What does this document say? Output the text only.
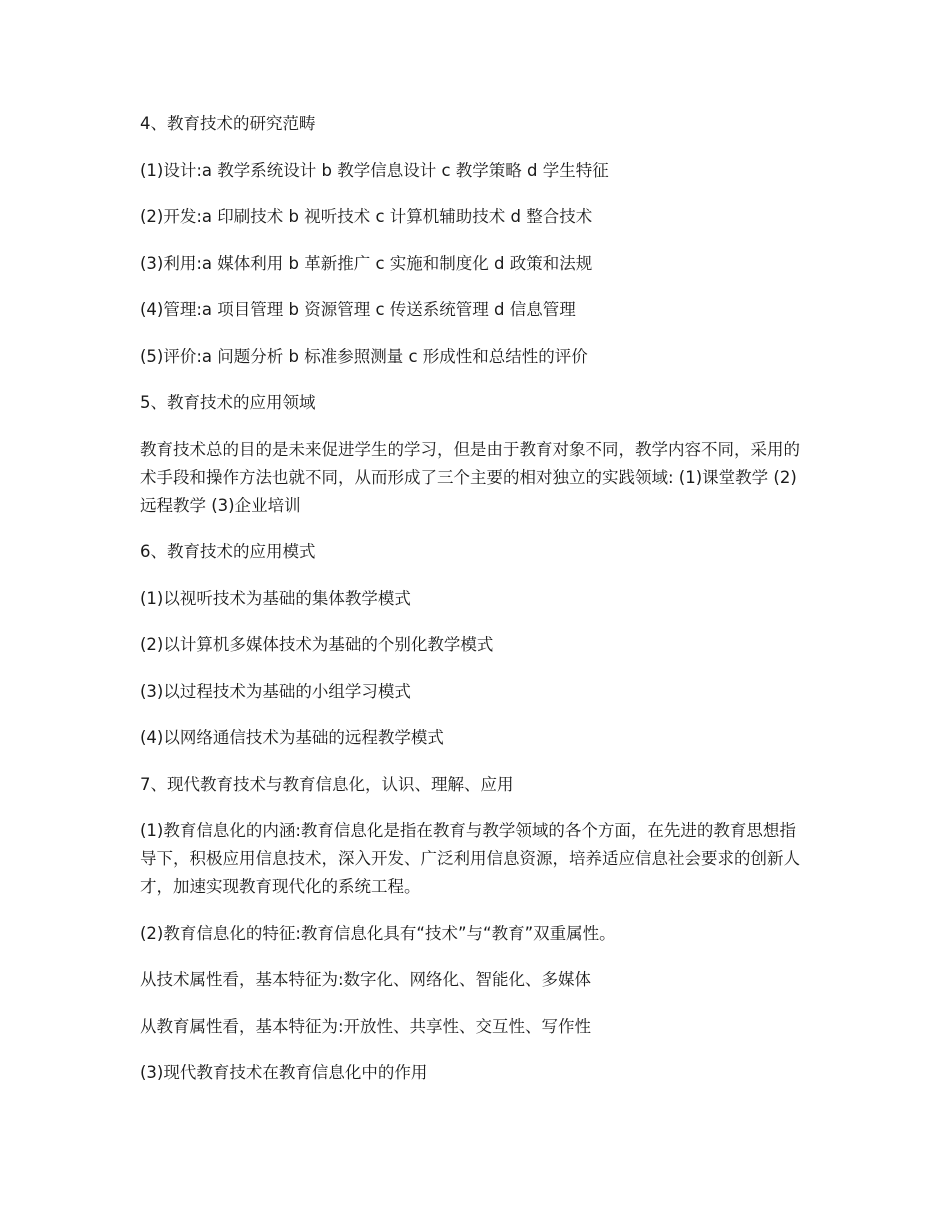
4、教育技术的研究范畴

(1)设计:a 教学系统设计 b 教学信息设计 c 教学策略 d 学生特征

(2)开发:a 印刷技术 b 视听技术 c 计算机辅助技术 d 整合技术

(3)利用:a 媒体利用 b 革新推广 c 实施和制度化 d 政策和法规

(4)管理:a 项目管理 b 资源管理 c 传送系统管理 d 信息管理

(5)评价:a 问题分析 b 标准参照测量 c 形成性和总结性的评价

5、教育技术的应用领域

教育技术总的目的是未来促进学生的学习，但是由于教育对象不同，教学内容不同，采用的术手段和操作方法也就不同，从而形成了三个主要的相对独立的实践领域: (1)课堂教学 (2)远程教学 (3)企业培训

6、教育技术的应用模式

(1)以视听技术为基础的集体教学模式

(2)以计算机多媒体技术为基础的个别化教学模式

(3)以过程技术为基础的小组学习模式

(4)以网络通信技术为基础的远程教学模式

7、现代教育技术与教育信息化，认识、理解、应用

(1)教育信息化的内涵:教育信息化是指在教育与教学领域的各个方面，在先进的教育思想指导下，积极应用信息技术，深入开发、广泛利用信息资源，培养适应信息社会要求的创新人才，加速实现教育现代化的系统工程。

(2)教育信息化的特征:教育信息化具有“技术”与“教育”双重属性。

从技术属性看，基本特征为:数字化、网络化、智能化、多媒体

从教育属性看，基本特征为:开放性、共享性、交互性、写作性

(3)现代教育技术在教育信息化中的作用
